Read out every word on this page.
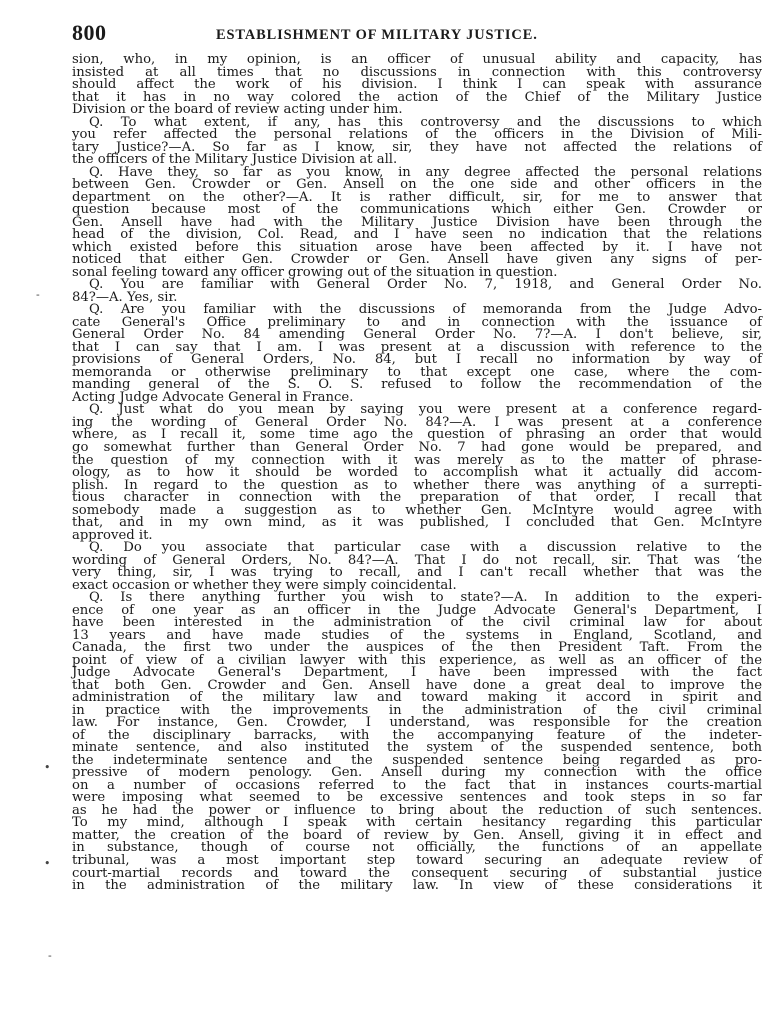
800	ESTABLISHMENT OF MILITARY JUSTICE.
sion, who, in my opinion, is an officer of unusual ability and capacity, has
insisted at all times that no discussions in connection with this controversy
should affect the work of his division. I think I can speak with assurance
that it has in no way colored the action of the Chief of the Military Justice
Division or the board of review acting under him.
Q. To what extent, if any, has this controversy and the discussions to which
you refer affected the personal relations of the officers in the Division of Mili-
tary Justice?—A. So far as I know, sir, they have not affected the relations of
the officers of the Military Justice Division at all.
Q. Have they, so far as you know, in any degree affected the personal relations
between Gen. Crowder or Gen. Ansell on the one side and other officers in the
department on the other?—A. It is rather difficult, sir, for me to answer that
question because most of the communications which either Gen. Crowder or
Gen. Ansell have had with the Military Justice Division have been through the
head of the division, Col. Read, and I have seen no indication that the relations
which existed before this situation arose have been affected by it. I have not
noticed that either Gen. Crowder or Gen. Ansell have given any signs of per-
sonal feeling toward any officer growing out of the situation in question.
Q. You are familiar with General Order No. 7, 1918, and General Order No.
84?—A. Yes, sir.
Q. Are you familiar with the discussions of memoranda from the Judge Advo-
cate General's Office preliminary to and in connection with the issuance of
General Order No. 84 amending General Order No. 7?—A. I don't believe, sir,
that I can say that I am. I was present at a discussion with reference to the
provisions of General Orders, No. 84, but I recall no information by way of
memoranda or otherwise preliminary to that except one case, where the com-
manding general of the S. O. S. refused to follow the recommendation of the
Acting Judge Advocate General in France.
Q. Just what do you mean by saying you were present at a conference regard-
ing the wording of General Order No. 84?—A. I was present at a conference
where, as I recall it, some time ago the question of phrasing an order that would
go somewhat further than General Order No. 7 had gone would be prepared, and
the question of my connection with it was merely as to the matter of phrase-
ology, as to how it should be worded to accomplish what it actually did accom-
plish. In regard to the question as to whether there was anything of a surrepti-
tious character in connection with the preparation of that order, I recall that
somebody made a suggestion as to whether Gen. McIntyre would agree with
that, and in my own mind, as it was published, I concluded that Gen. McIntyre
approved it.
Q. Do you associate that particular case with a discussion relative to the
wording of General Orders, No. 84?—A. That I do not recall, sir. That was ‘the
very thing, sir, I was trying to recall, and I can't recall whether that was the
exact occasion or whether they were simply coincidental.
Q. Is there anything further you wish to state?—A. In addition to the experi-
ence of one year as an officer in the Judge Advocate General's Department, I
have been interested in the administration of the civil criminal law for about
13 years and have made studies of the systems in England, Scotland, and
Canada, the first two under the auspices of the then President Taft. From the
point of view of a civilian lawyer with this experience, as well as an officer of the
Judge Advocate General's Department, I have been impressed with the fact
that both Gen. Crowder and Gen. Ansell have done a great deal to improve the
administration of the military law and toward making it accord in spirit and
in practice with the improvements in the administration of the civil criminal
law. For instance, Gen. Crowder, I understand, was responsible for the creation
of the disciplinary barracks, with the accompanying feature of the indeter-
minate sentence, and also instituted the system of the suspended sentence, both
the indeterminate sentence and the suspended sentence being regarded as pro-
pressive of modern penology. Gen. Ansell during my connection with the office
on a number of occasions referred to the fact that in instances courts-martial
were imposing what seemed to be excessive sentences and took steps in so far
as he had the power or influence to bring about the reduction of such sentences.
To my mind, although I speak with certain hesitancy regarding this particular
matter, the creation of the board of review by Gen. Ansell, giving it in effect and
in substance, though of course not officially, the functions of an appellate
tribunal, was a most important step toward securing an adequate review of
court-martial records and toward the consequent securing of substantial justice
in the administration of the military law. In view of these considerations it
-
•
•
-
